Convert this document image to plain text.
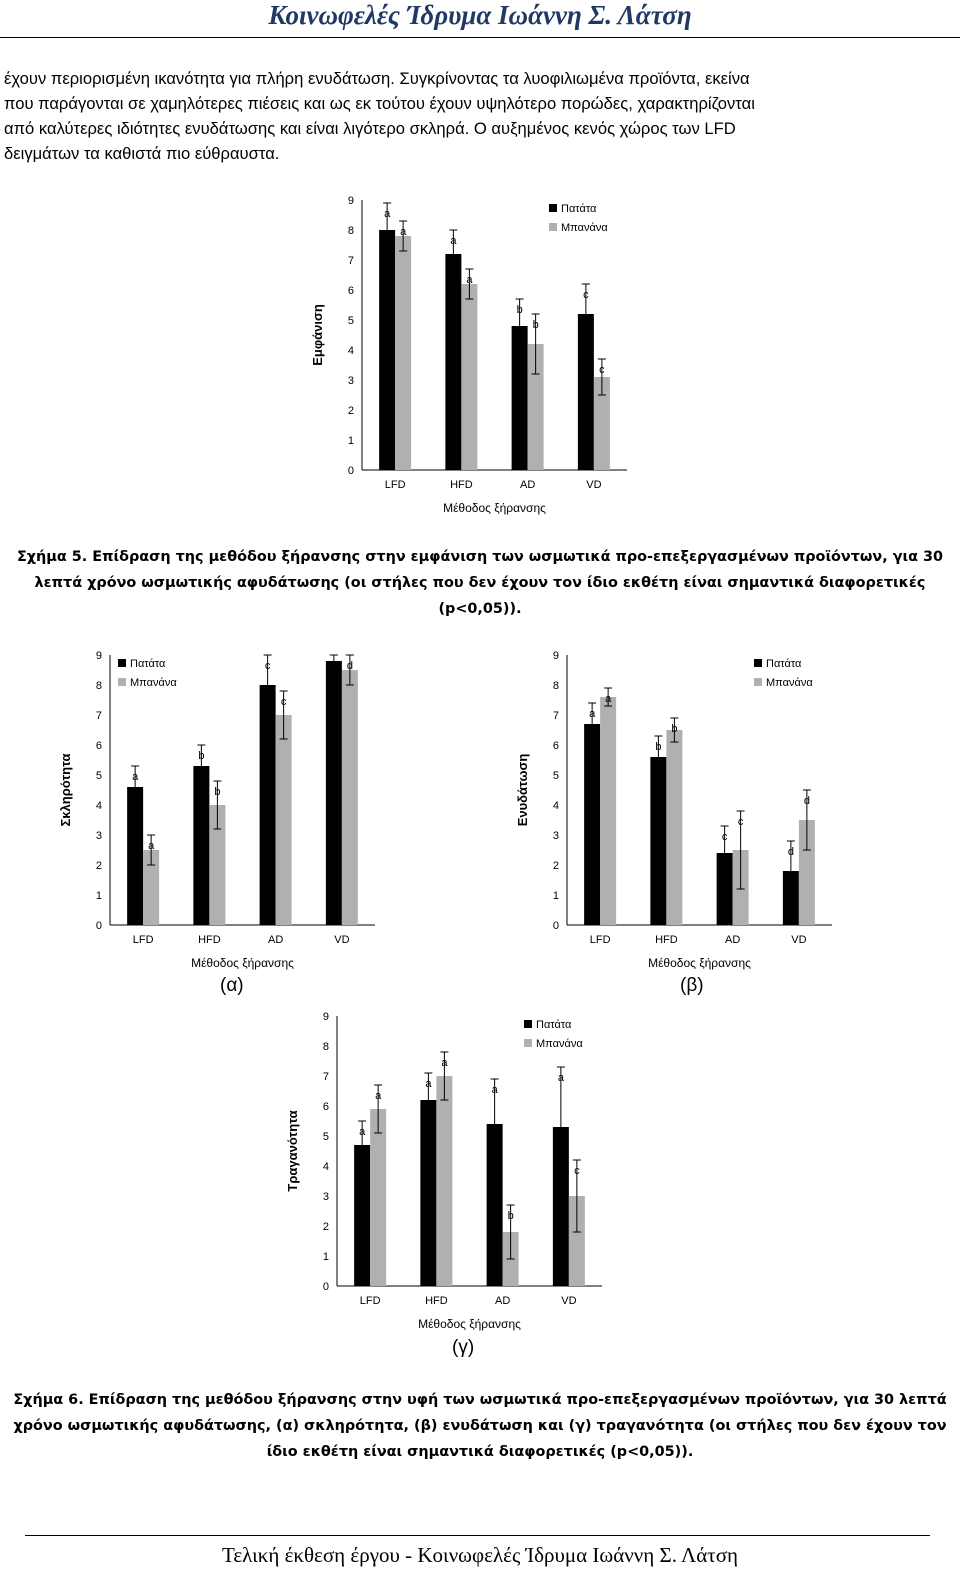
Κοινωφελές Ίδρυμα Ιωάννη Σ. Λάτση

έχουν περιορισμένη ικανότητα για πλήρη ενυδάτωση. Συγκρίνοντας τα λυοφιλιωμένα προϊόντα, εκείνα

που παράγονται σε χαμηλότερες πιέσεις και ως εκ τούτου έχουν υψηλότερο πορώδες, χαρακτηρίζονται

από καλύτερες ιδιότητες ενυδάτωσης και είναι λιγότερο σκληρά. Ο αυξημένος κενός χώρος των LFD

δειγμάτων τα καθιστά πιο εύθραυστα.

0
1
2
3
4
5
6
7
8
9
LFD	HFD	AD	VD
Μέθοδος ξήρανσης
Εμφάνιση
a
a
b
c
a
a
b
c
Πατάτα
Μπανάνα
Σχήμα 5. Επίδραση της μεθόδου ξήρανσης στην εμφάνιση των ωσμωτικά προ-επεξεργασμένων προϊόντων, για 30
λεπτά χρόνο ωσμωτικής αφυδάτωσης (οι στήλες που δεν έχουν τον ίδιο εκθέτη είναι σημαντικά διαφορετικές
(p<0,05)).
0
1
2
3
4
5
6
7
8
9
LFD	HFD	AD	VD
Μέθοδος ξήρανσης
Σκληρότητα	a
b
c	d
a
b
c
d
Πατάτα
Μπανάνα
0
1
2
3
4
5
6
7
8
9
LFD	HFD	AD	VD
Μέθοδος ξήρανσης
Ενυδάτωση
a
b
c
d
a
b
c
d
Πατάτα
Μπανάνα
0
1
2
3
4
5
6
7
8
9
LFD	HFD	AD	VD
Μέθοδος ξήρανσης
Τραγανότητα	a
a	a
a
a
a
b
c
Πατάτα
Μπανάνα
(α)	(β)
(γ)
Σχήμα 6. Επίδραση της μεθόδου ξήρανσης στην υφή των ωσμωτικά προ-επεξεργασμένων προϊόντων, για 30 λεπτά
χρόνο ωσμωτικής αφυδάτωσης, (α) σκληρότητα, (β) ενυδάτωση και (γ) τραγανότητα (οι στήλες που δεν έχουν τον
ίδιο εκθέτη είναι σημαντικά διαφορετικές (p<0,05)).
Τελική έκθεση έργου - Κοινωφελές Ίδρυμα Ιωάννη Σ. Λάτση
